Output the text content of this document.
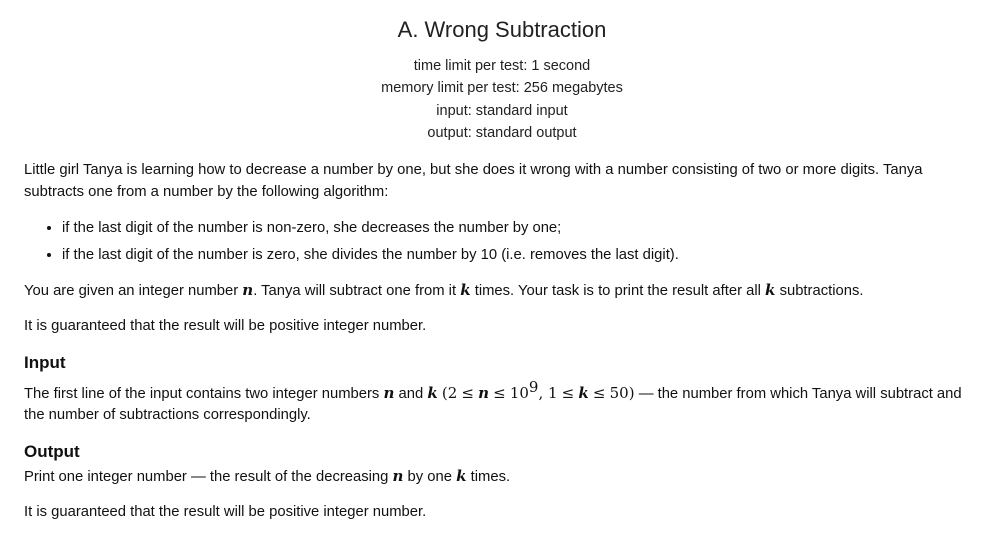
A. Wrong Subtraction
time limit per test: 1 second
memory limit per test: 256 megabytes
input: standard input
output: standard output

Little girl Tanya is learning how to decrease a number by one, but she does it wrong with a number consisting of two or more digits. Tanya subtracts one from a number by the following algorithm:

• if the last digit of the number is non-zero, she decreases the number by one;
• if the last digit of the number is zero, she divides the number by 10 (i.e. removes the last digit).

You are given an integer number n. Tanya will subtract one from it k times. Your task is to print the result after all k subtractions.

It is guaranteed that the result will be positive integer number.

Input

The first line of the input contains two integer numbers n and k ($2 \le n \le 10^9$, 1 ≤ k ≤ 50) — the number from which Tanya will subtract and the number of subtractions correspondingly.

Output

Print one integer number — the result of the decreasing n by one k times.

It is guaranteed that the result will be positive integer number.
